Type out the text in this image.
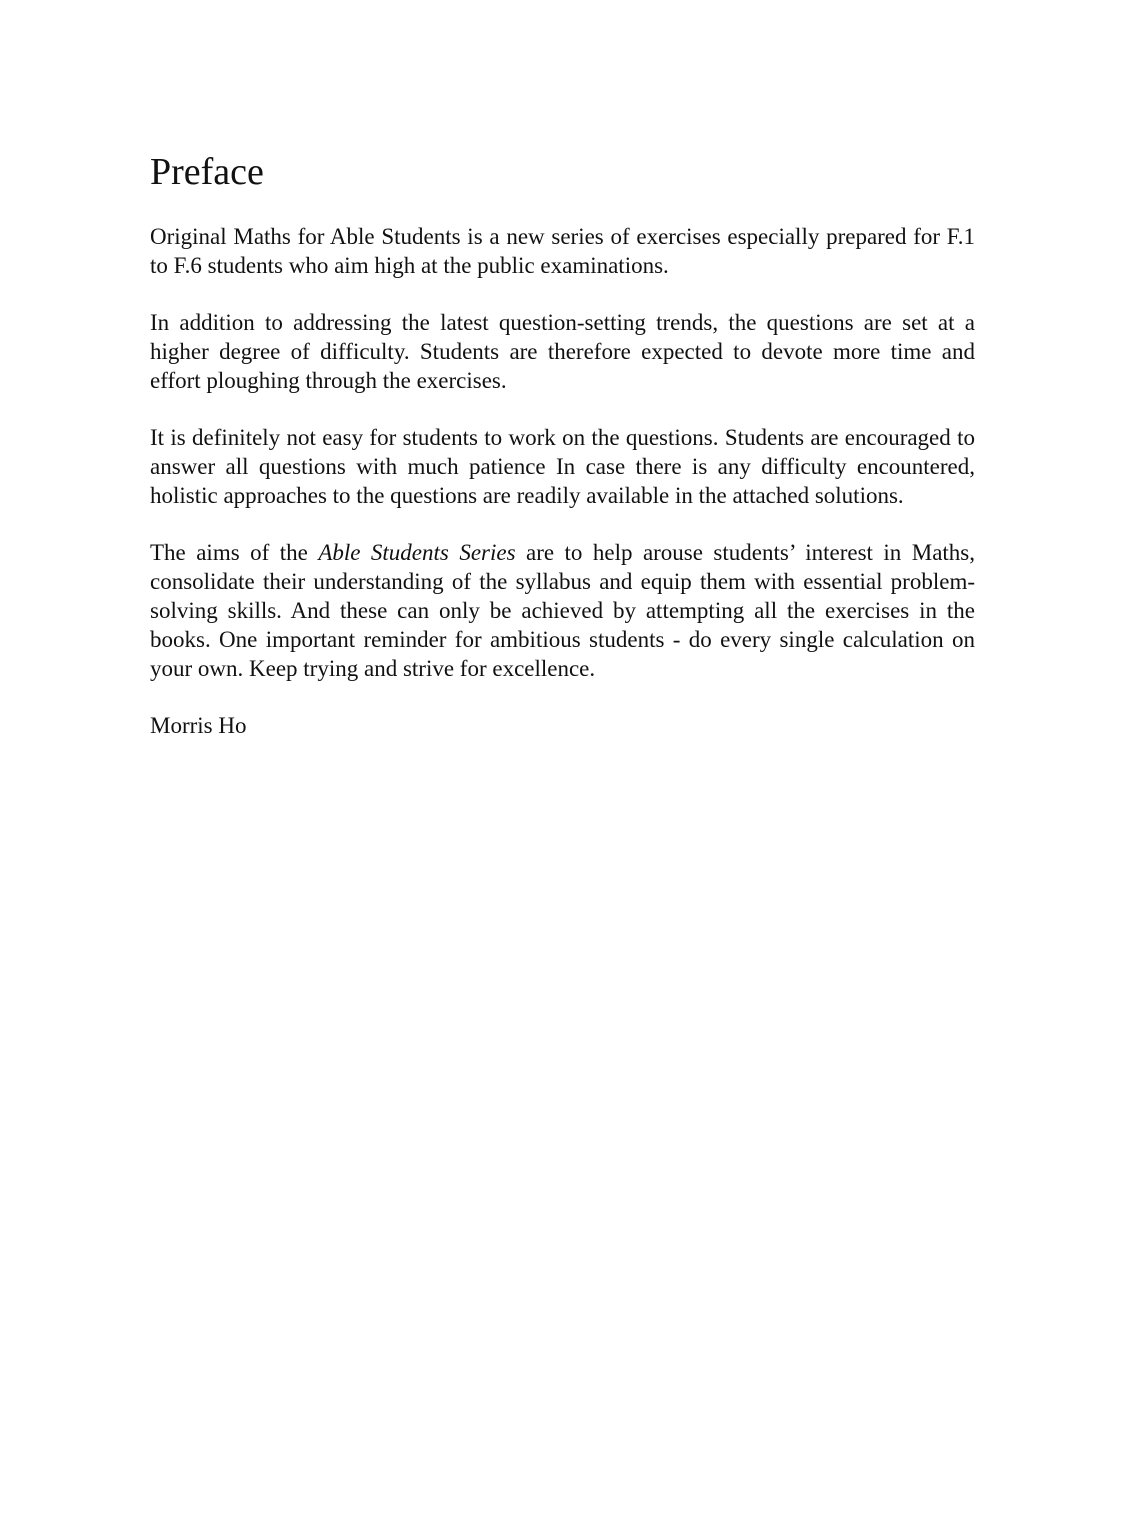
Preface

Original Maths for Able Students is a new series of exercises especially prepared for F.1 to F.6 students who aim high at the public examinations.

In addition to addressing the latest question-setting trends, the questions are set at a higher degree of difficulty. Students are therefore expected to devote more time and effort ploughing through the exercises.

It is definitely not easy for students to work on the questions. Students are encouraged to answer all questions with much patience In case there is any difficulty encountered, holistic approaches to the questions are readily available in the attached solutions.

The aims of the Able Students Series are to help arouse students’ interest in Maths, consolidate their understanding of the syllabus and equip them with essential problem-solving skills. And these can only be achieved by attempting all the exercises in the books. One important reminder for ambitious students - do every single calculation on your own. Keep trying and strive for excellence.

Morris Ho
